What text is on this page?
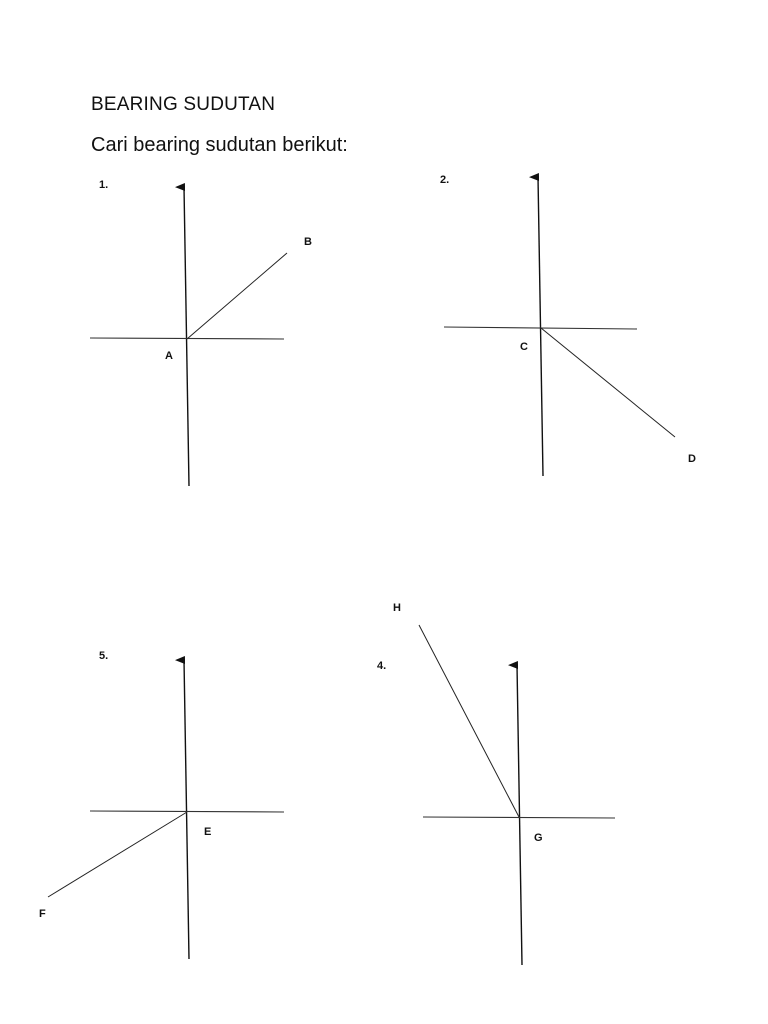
BEARING SUDUTAN
Cari bearing sudutan berikut:
1.	2.
5.
4.
B
A
C
D
E
F
H
G
